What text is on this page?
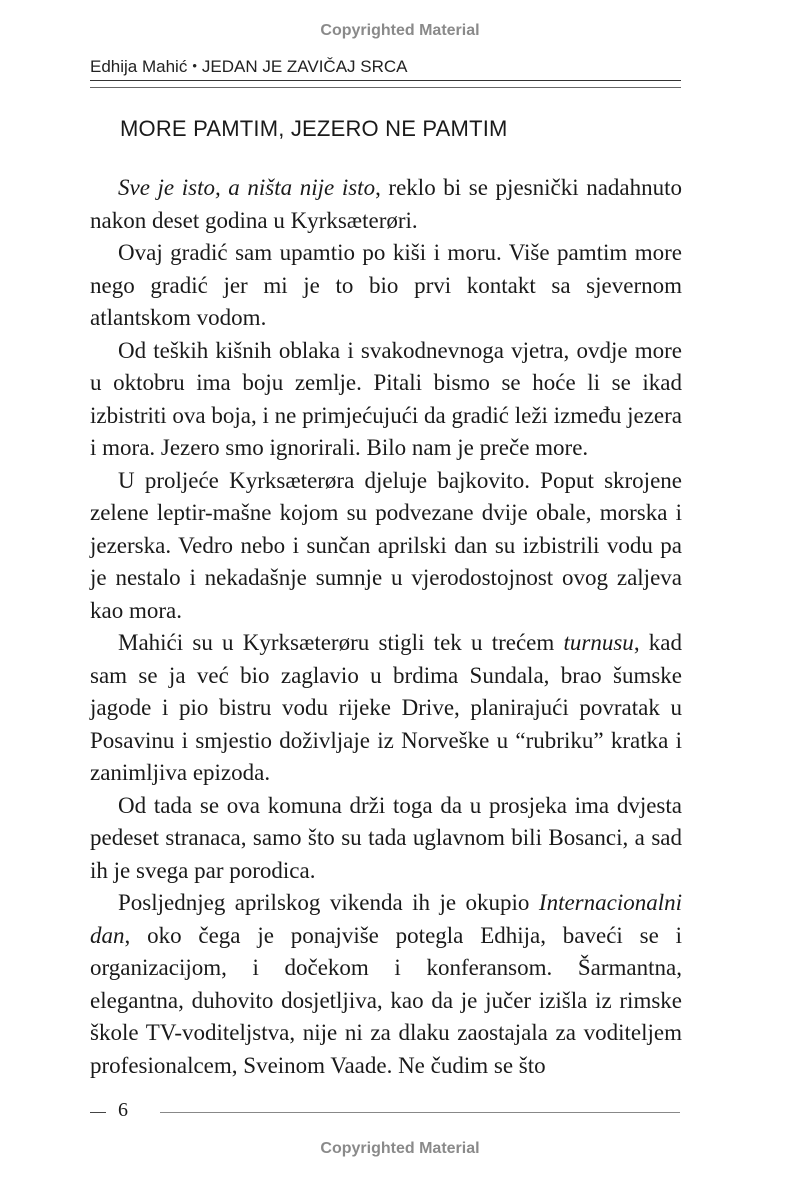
Copyrighted Material
Edhija Mahić • JEDAN JE ZAVIČAJ SRCA
MORE PAMTIM, JEZERO NE PAMTIM

Sve je isto, a ništa nije isto, reklo bi se pjesnički nadahnuto nakon deset godina u Kyrksæterøri.

Ovaj gradić sam upamtio po kiši i moru. Više pamtim more nego gradić jer mi je to bio prvi kontakt sa sjevernom atlantskom vodom.

Od teških kišnih oblaka i svakodnevnoga vjetra, ovdje more u oktobru ima boju zemlje. Pitali bismo se hoće li se ikad izbistriti ova boja, i ne primjećujući da gradić leži između jezera i mora. Jezero smo ignorirali. Bilo nam je preče more.

U proljeće Kyrksæterøra djeluje bajkovito. Poput skrojene zelene leptir-mašne kojom su podvezane dvije obale, morska i jezerska. Vedro nebo i sunčan aprilski dan su izbistrili vodu pa je nestalo i nekadašnje sumnje u vjerodostojnost ovog zaljeva kao mora.

Mahići su u Kyrksæterøru stigli tek u trećem turnusu, kad sam se ja već bio zaglavio u brdima Sundala, brao šumske jagode i pio bistru vodu rijeke Drive, planirajući povratak u Posavinu i smjestio doživljaje iz Norveške u “rubriku” kratka i zanimljiva epizoda.

Od tada se ova komuna drži toga da u prosjeka ima dvjesta pedeset stranaca, samo što su tada uglavnom bili Bosanci, a sad ih je svega par porodica.

Posljednjeg aprilskog vikenda ih je okupio Internacionalni dan, oko čega je ponajviše potegla Edhija, baveći se i organizacijom, i dočekom i konferansom. Šarmantna, elegantna, duhovito dosjetljiva, kao da je jučer izišla iz rimske škole TV-voditeljstva, nije ni za dlaku zaostajala za voditeljem profesionalcem, Sveinom Vaade. Ne čudim se što

6
Copyrighted Material
